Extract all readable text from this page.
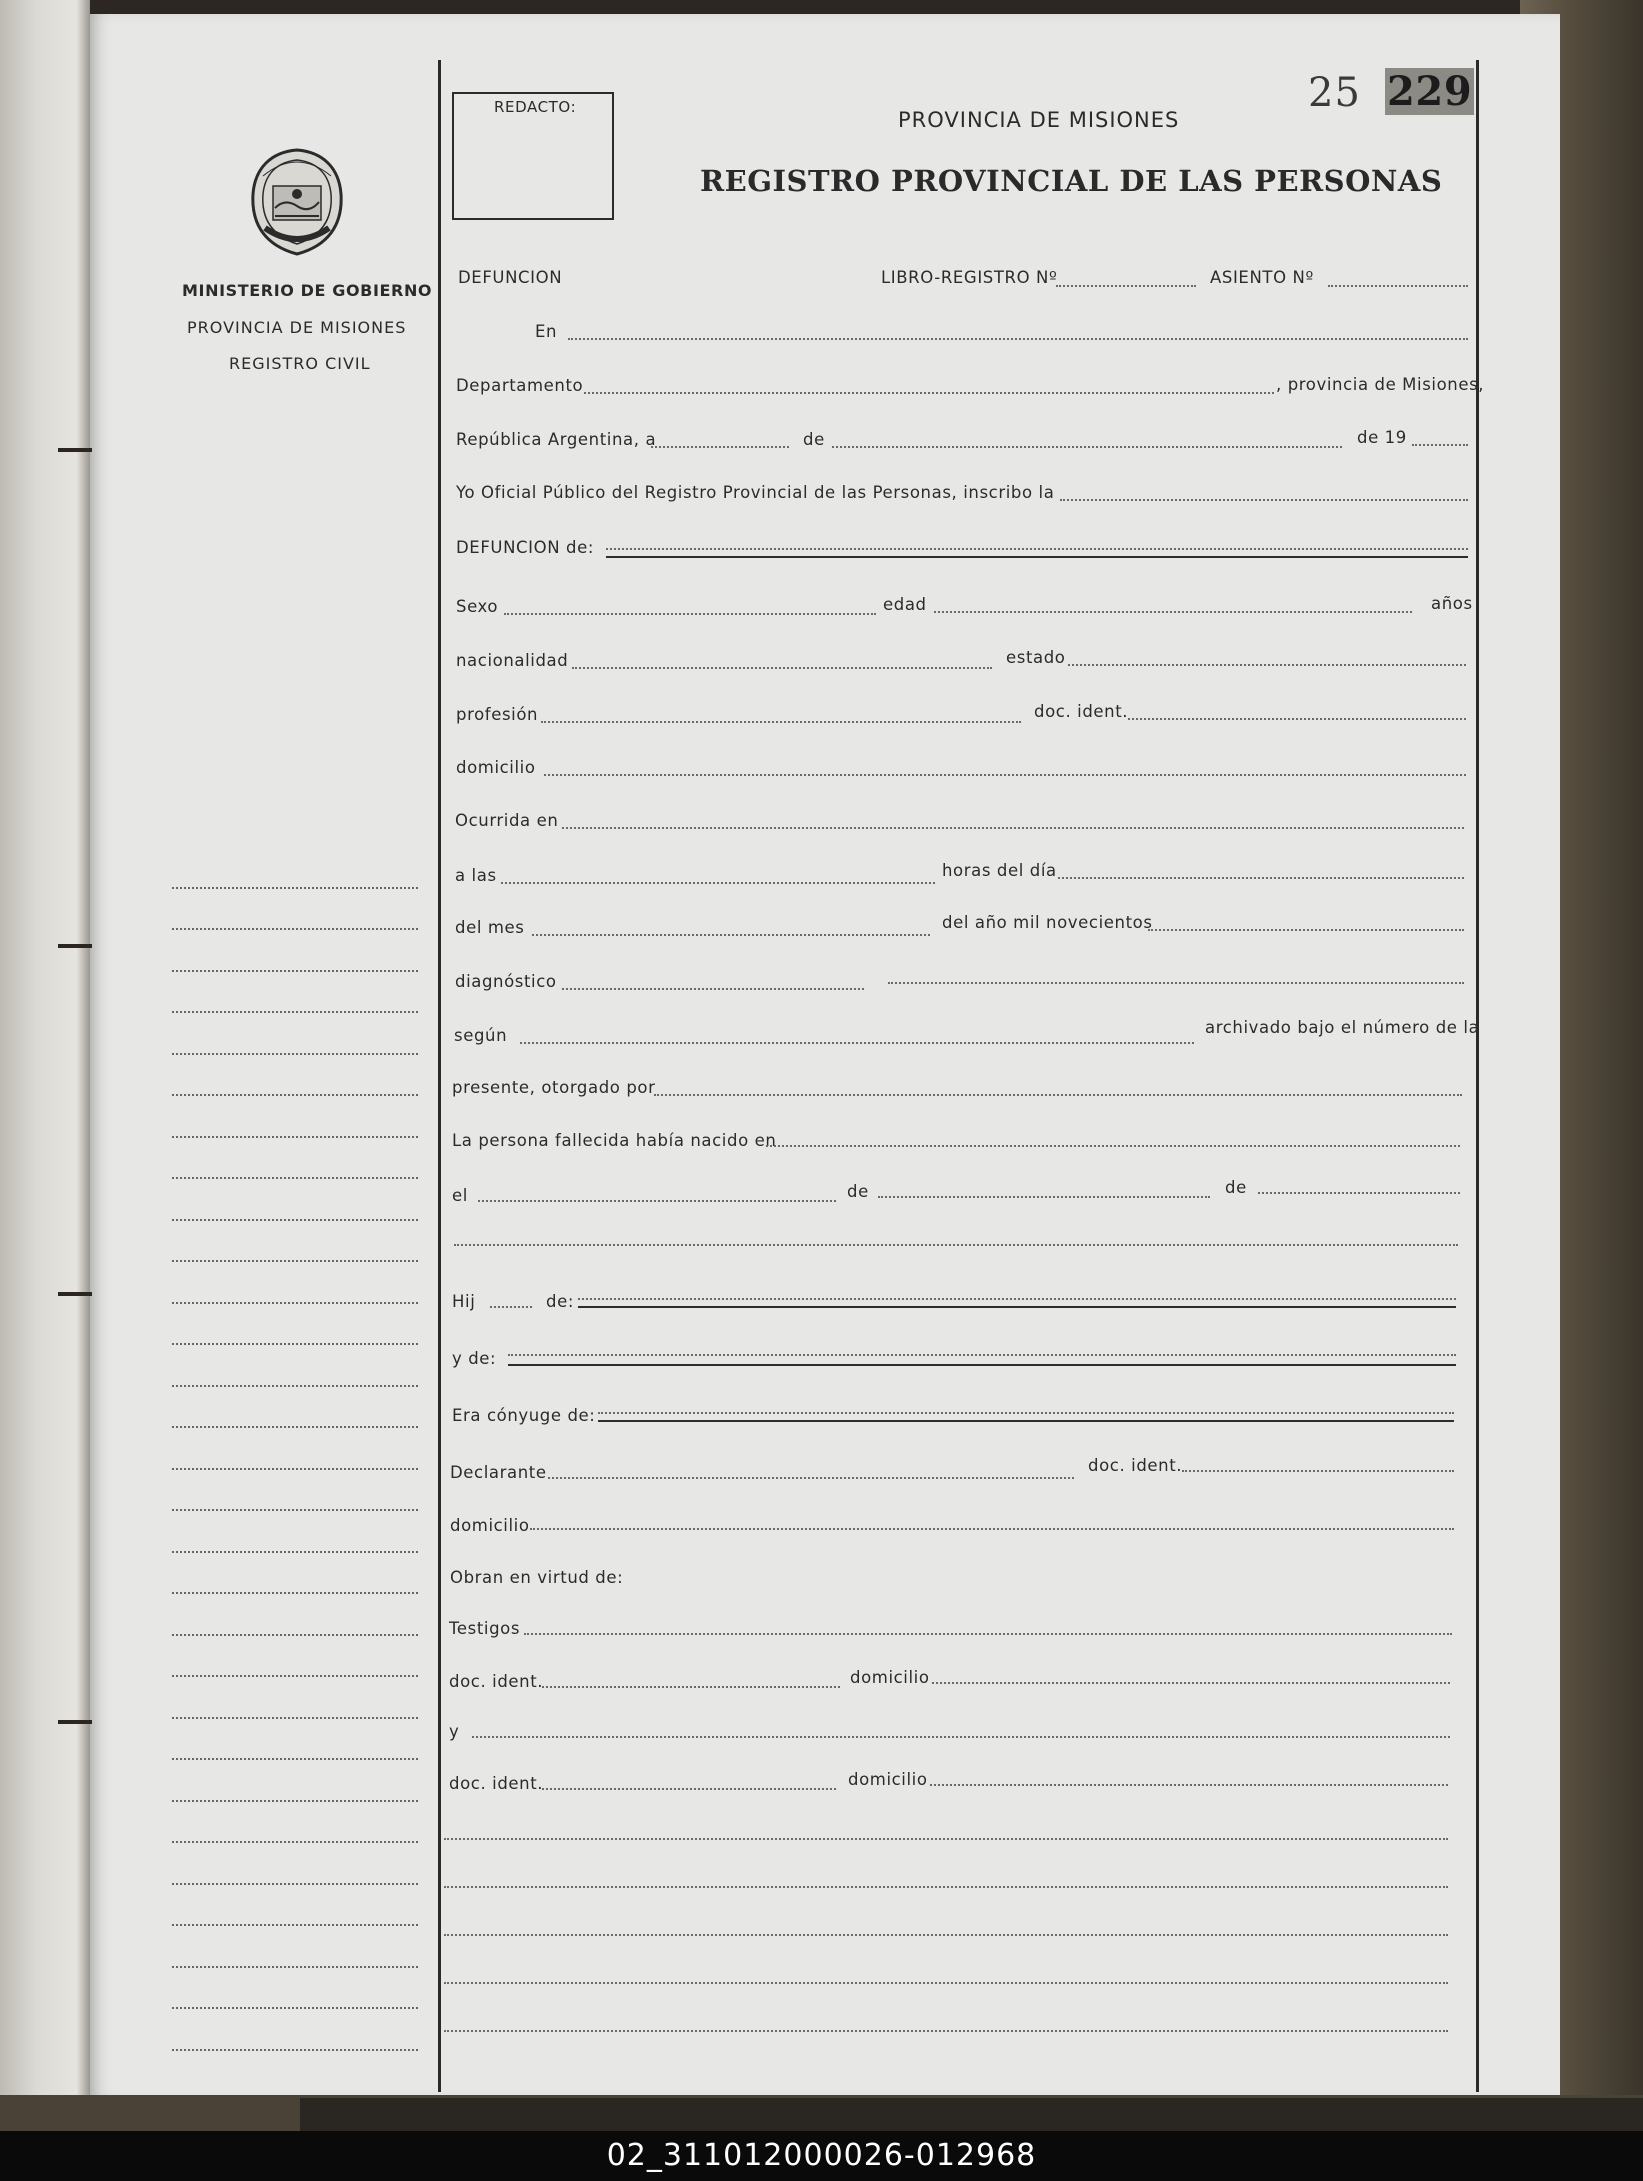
MINISTERIO DE GOBIERNO
PROVINCIA DE MISIONES
REGISTRO CIVIL
REDACTO:
PROVINCIA DE MISIONES
REGISTRO PROVINCIAL DE LAS PERSONAS
25 229
DEFUNCION	LIBRO-REGISTRO Nº	ASIENTO Nº
En
Departamento	, provincia de Misiones,
República Argentina, a	de	de 19
Yo Oficial Público del Registro Provincial de las Personas, inscribo la
DEFUNCION de:
Sexo	edad	años
nacionalidad	estado
profesión	doc. ident.
domicilio
Ocurrida en
a las	horas del día
del mes	del año mil novecientos
diagnóstico
según	archivado bajo el número de la
presente, otorgado por
La persona fallecida había nacido en
el	de	de
Hij	de:
y de:
Era cónyuge de:
Declarante	doc. ident.
domicilio
Obran en virtud de:
Testigos
doc. ident.	domicilio
y
doc. ident.	domicilio
02_311012000026-012968
